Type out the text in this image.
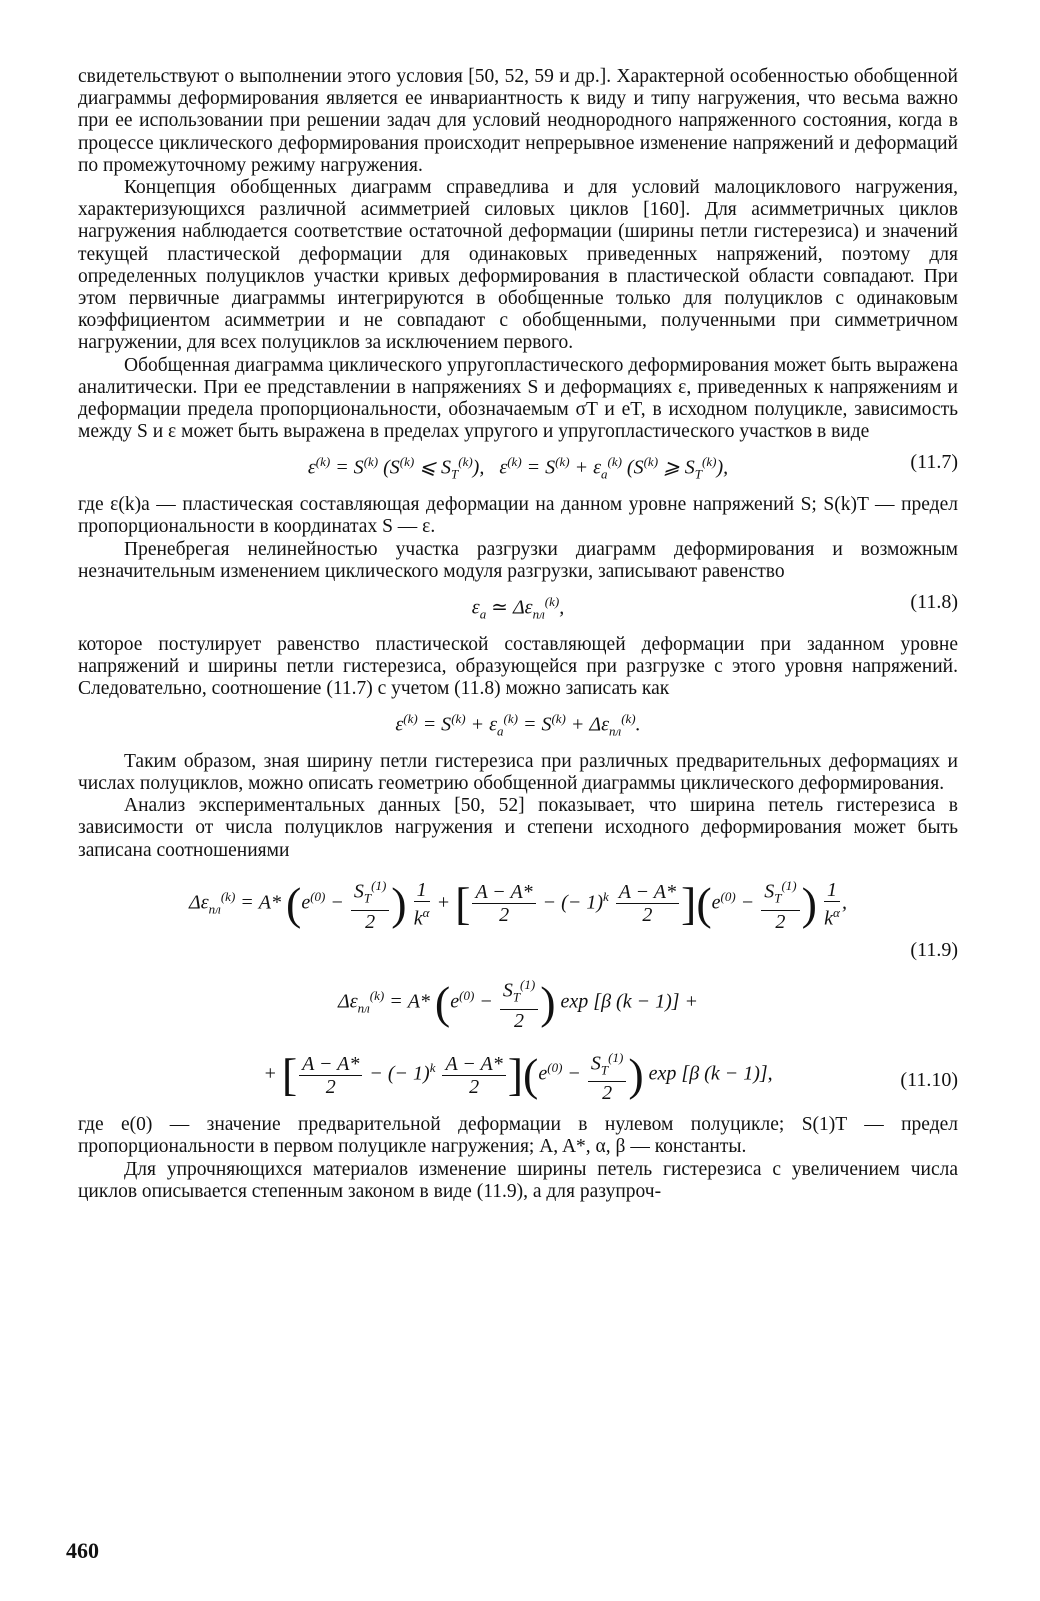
свидетельствуют о выполнении этого условия [50, 52, 59 и др.]. Характерной особенностью обобщенной диаграммы деформирования является ее инвариантность к виду и типу нагружения, что весьма важно при ее использовании при решении задач для условий неоднородного напряженного состояния, когда в процессе циклического деформирования происходит непрерывное изменение напряжений и деформаций по промежуточному режиму нагружения.

Концепция обобщенных диаграмм справедлива и для условий малоциклового нагружения, характеризующихся различной асимметрией силовых циклов [160]. Для асимметричных циклов нагружения наблюдается соответствие остаточной деформации (ширины петли гистерезиса) и значений текущей пластической деформации для одинаковых приведенных напряжений, поэтому для определенных полуциклов участки кривых деформирования в пластической области совпадают. При этом первичные диаграммы интегрируются в обобщенные только для полуциклов с одинаковым коэффициентом асимметрии и не совпадают с обобщенными, полученными при симметричном нагружении, для всех полуциклов за исключением первого.

Обобщенная диаграмма циклического упругопластического деформирования может быть выражена аналитически. При ее представлении в напряжениях S и деформациях ε, приведенных к напряжениям и деформации предела пропорциональности, обозначаемым σT и eT, в исходном полуцикле, зависимость между S и ε может быть выражена в пределах упругого и упругопластического участков в виде

$\varepsilon^{(k)} = S^{(k)}$ ($S^{(k)}$ ⩽ $S_T^{(k)}$),   $\varepsilon^{(k)} = S^{(k)} + \varepsilon_a^{(k)}$ ($S^{(k)}$ ⩾ $S_T^{(k)}$),	(11.7)

где ε(k)a — пластическая составляющая деформации на данном уровне напряжений S; S(k)T — предел пропорциональности в координатах S — ε.

Пренебрегая нелинейностью участка разгрузки диаграмм деформирования и возможным незначительным изменением циклического модуля разгрузки, записывают равенство

$\varepsilon_a$ ≃ $\Delta\varepsilon_{пл}^{(k)}$,	(11.8)

которое постулирует равенство пластической составляющей деформации при заданном уровне напряжений и ширины петли гистерезиса, образующейся при разгрузке с этого уровня напряжений. Следовательно, соотношение (11.7) с учетом (11.8) можно записать как

$\varepsilon^{(k)} = S^{(k)} + \varepsilon_a^{(k)} = S^{(k)} + \Delta\varepsilon_{пл}^{(k)}$.

Таким образом, зная ширину петли гистерезиса при различных предварительных деформациях и числах полуциклов, можно описать геометрию обобщенной диаграммы циклического деформирования.

Анализ экспериментальных данных [50, 52] показывает, что ширина петель гистерезиса в зависимости от числа полуциклов нагружения и степени исходного деформирования может быть записана соотношениями

$\Delta\varepsilon_{пл}^{(k)} = A*$ ($e^{(0)} - \frac{S_T^{(1)}}{2}$ ) $\frac{1}{k^\alpha}$ + [ $\frac{A - A*}{2}$ − (− $1)^k \frac{A - A*}{2} ](e^{(0)} - \frac{S_T^{(1)}}{2}$ ) $\frac{1}{k^\alpha}$ ,
(11.9)
$\Delta\varepsilon_{пл}^{(k)} = A*$ ($e^{(0)} - \frac{S_T^{(1)}}{2}$ ) exp [β (k − 1)] +
+ [ $\frac{A - A*}{2}$ − (− $1)^k \frac{A - A*}{2} ](e^{(0)} - \frac{S_T^{(1)}}{2}$ ) exp [β (k − 1)],	(11.10)

где e(0) — значение предварительной деформации в нулевом полуцикле; S(1)T — предел пропорциональности в первом полуцикле нагружения; A, A*, α, β — константы.

Для упрочняющихся материалов изменение ширины петель гистерезиса с увеличением числа циклов описывается степенным законом в виде (11.9), а для разупроч-

460
